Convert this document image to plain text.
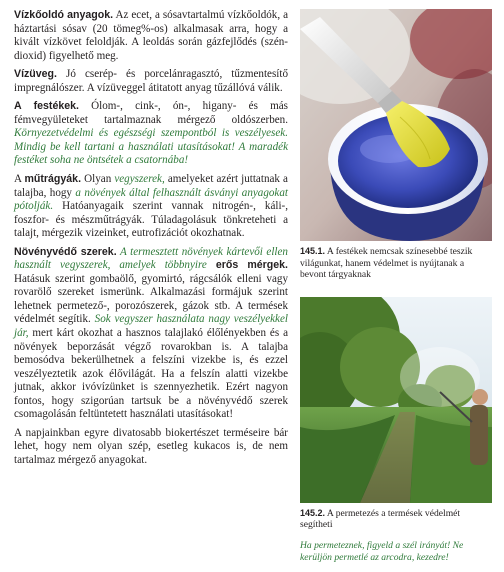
Vízkőoldó anyagok. Az ecet, a sósavtartalmú vízkőoldók, a háztartási sósav (20 tömeg%-os) alkalmasak arra, hogy a kivált vízkövet feloldják. A leoldás során gázfejlődés (szén-dioxid) figyelhető meg.

Vízüveg. Jó cserép- és porcelánragasztó, tűzmentesítő impregnálószer. A vízüveggel átitatott anyag tűzállóvá válik.

A festékek. Ólom-, cink-, ón-, higany- és más fémvegyületeket tartalmaznak mérgező oldószerben. Környezetvédelmi és egészségi szempontból is veszélyesek. Mindig be kell tartani a használati utasításokat! A maradék festéket soha ne öntsétek a csatornába!

A műtrágyák. Olyan vegyszerek, amelyeket azért juttatnak a talajba, hogy a növények által felhasznált ásványi anyagokat pótolják. Hatóanyagaik szerint vannak nitrogén-, káli-, foszfor- és mészműtrágyák. Túladagolásuk tönkreteheti a talajt, mérgezik vizeinket, eutrofizációt okozhatnak.

Növényvédő szerek. A termesztett növények kártevői ellen használt vegyszerek, amelyek többnyire erős mérgek. Hatásuk szerint gombaölő, gyomirtó, rágcsálók elleni vagy rovarölő szereket ismerünk. Alkalmazási formájuk szerint lehetnek permetező-, porozószerek, gázok stb. A termések védelmét segítik. Sok vegyszer használata nagy veszélyekkel jár, mert kárt okozhat a hasznos talajlakó élőlényekben és a növények beporzását végző rovarokban is. A talajba bemosódva bekerülhetnek a felszíni vizekbe is, és ezzel veszélyeztetik azok élővilágát. Ha a felszín alatti vizekbe jutnak, akkor ivóvízünket is szennyezhetik. Ezért nagyon fontos, hogy szigorúan tartsuk be a növényvédő szerek csomagolásán feltüntetett használati utasításokat!

A napjainkban egyre divatosabb biokertészet terméseire bár lehet, hogy nem olyan szép, esetleg kukacos is, de nem tartalmaz mérgező anyagokat.

145.1. A festékek nemcsak színesebbé teszik világunkat, hanem védelmet is nyújtanak a bevont tárgyaknak
145.2. A permetezés a termések védelmét segítheti
Ha permeteznek, figyeld a szél irányát! Ne kerüljön permetlé az arcodra, kezedre!
